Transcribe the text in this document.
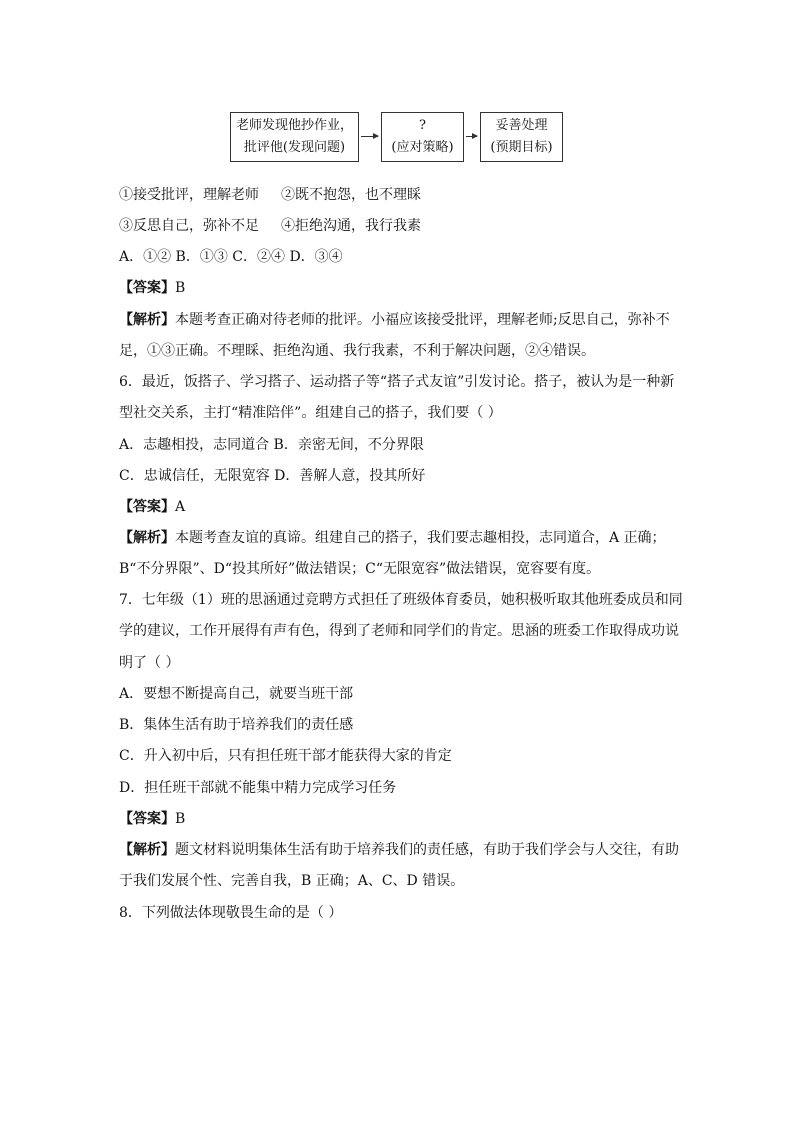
老师发现他抄作业，
批评他(发现问题)
?
(应对策略)
妥善处理
(预期目标)
①接受批评，理解老师 ②既不抱怨，也不理睬
③反思自己，弥补不足 ④拒绝沟通，我行我素
A．①② B．①③ C．②④ D．③④
【答案】B
【解析】本题考查正确对待老师的批评。小福应该接受批评，理解老师;反思自己，弥补不
足，①③正确。不理睬、拒绝沟通、我行我素，不利于解决问题，②④错误。
6．最近，饭搭子、学习搭子、运动搭子等“搭子式友谊”引发讨论。搭子，被认为是一种新
型社交关系，主打“精准陪伴”。组建自己的搭子，我们要（ ）
A．志趣相投，志同道合 B．亲密无间，不分界限
C．忠诚信任，无限宽容 D．善解人意，投其所好
【答案】A
【解析】本题考查友谊的真谛。组建自己的搭子，我们要志趣相投，志同道合，A 正确；
B“不分界限”、D“投其所好”做法错误；C“无限宽容”做法错误，宽容要有度。
7．七年级（1）班的思涵通过竞聘方式担任了班级体育委员，她积极听取其他班委成员和同
学的建议，工作开展得有声有色，得到了老师和同学们的肯定。思涵的班委工作取得成功说
明了（ ）
A．要想不断提高自己，就要当班干部
B．集体生活有助于培养我们的责任感
C．升入初中后，只有担任班干部才能获得大家的肯定
D．担任班干部就不能集中精力完成学习任务
【答案】B
【解析】题文材料说明集体生活有助于培养我们的责任感，有助于我们学会与人交往，有助
于我们发展个性、完善自我，B 正确；A、C、D 错误。
8．下列做法体现敬畏生命的是（ ）
